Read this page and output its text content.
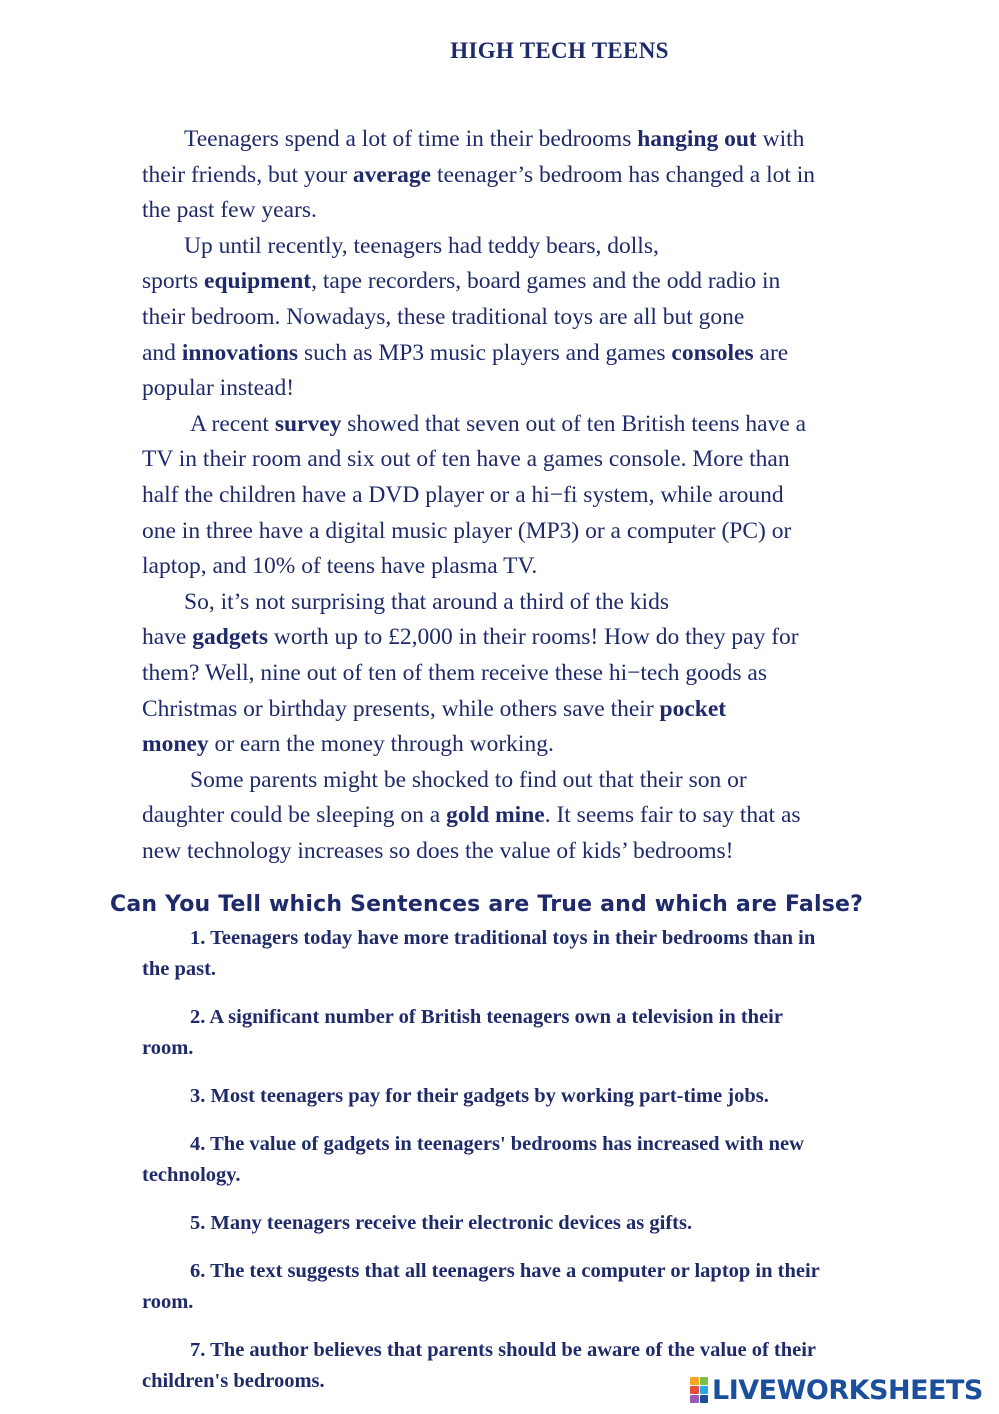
HIGH TECH TEENS

Teenagers spend a lot of time in their bedrooms hanging out with
their friends, but your average teenager’s bedroom has changed a lot in
the past few years.

Up until recently, teenagers had teddy bears, dolls,
sports equipment, tape recorders, board games and the odd radio in
their bedroom. Nowadays, these traditional toys are all but gone
and innovations such as MP3 music players and games consoles are
popular instead!

A recent survey showed that seven out of ten British teens have a
TV in their room and six out of ten have a games console. More than
half the children have a DVD player or a hi−fi system, while around
one in three have a digital music player (MP3) or a computer (PC) or
laptop, and 10% of teens have plasma TV.

So, it’s not surprising that around a third of the kids
have gadgets worth up to £2,000 in their rooms! How do they pay for
them? Well, nine out of ten of them receive these hi−tech goods as
Christmas or birthday presents, while others save their pocket
money or earn the money through working.

Some parents might be shocked to find out that their son or
daughter could be sleeping on a gold mine. It seems fair to say that as
new technology increases so does the value of kids’ bedrooms!

Can You Tell which Sentences are True and which are False?
1. Teenagers today have more traditional toys in their bedrooms than in
the past.
2. A significant number of British teenagers own a television in their
room.
3. Most teenagers pay for their gadgets by working part-time jobs.
4. The value of gadgets in teenagers' bedrooms has increased with new
technology.
5. Many teenagers receive their electronic devices as gifts.
6. The text suggests that all teenagers have a computer or laptop in their
room.
7. The author believes that parents should be aware of the value of their
children's bedrooms.	LIVEWORKSHEETS
